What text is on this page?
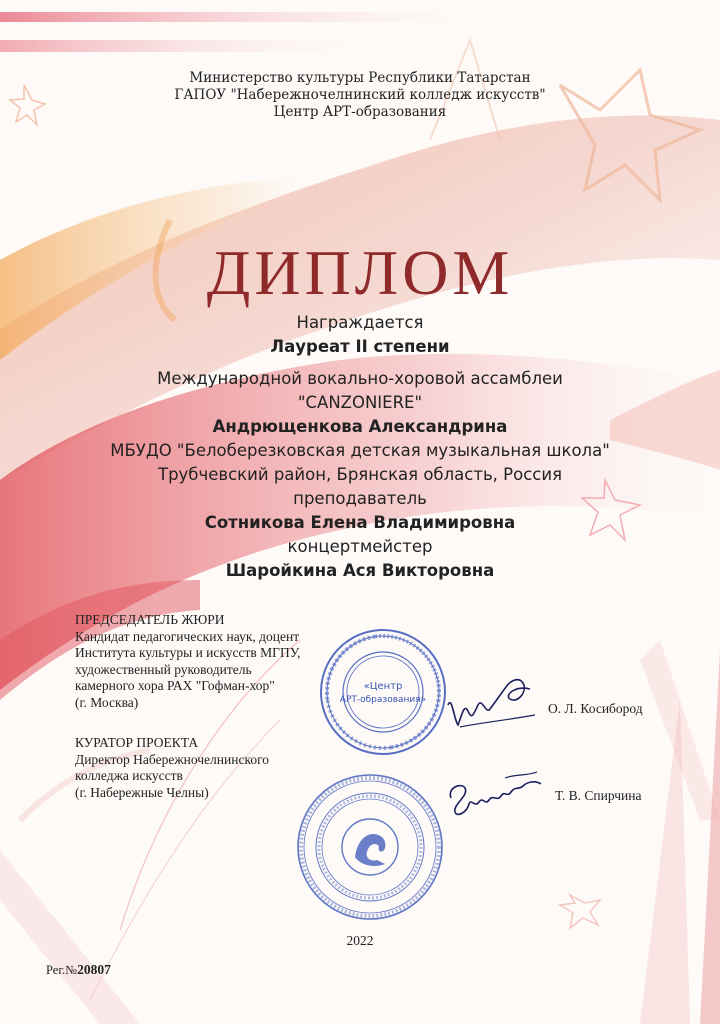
Министерство культуры Республики Татарстан
ГАПОУ "Набережночелнинский колледж искусств"
Центр АРТ-образования
ДИПЛОМ
Награждается
Лауреат II степени
Международной вокально-хоровой ассамблеи
"CANZONIERE"
Андрющенкова Александрина
МБУДО "Белоберезковская детская музыкальная школа"
Трубчевский район, Брянская область, Россия
преподаватель
Сотникова Елена Владимировна
концертмейстер
Шаройкина Ася Викторовна
ПРЕДСЕДАТЕЛЬ ЖЮРИ
Кандидат педагогических наук, доцент
Института культуры и искусств МГПУ,
художественный руководитель
камерного хора РАХ "Гофман-хор"
(г. Москва)
КУРАТОР ПРОЕКТА
Директор Набережночелнинского
колледжа искусств
(г. Набережные Челны)
«Центр
АРТ-образования»
О. Л. Косибород
Т. В. Спирчина
2022
Рег.№20807
